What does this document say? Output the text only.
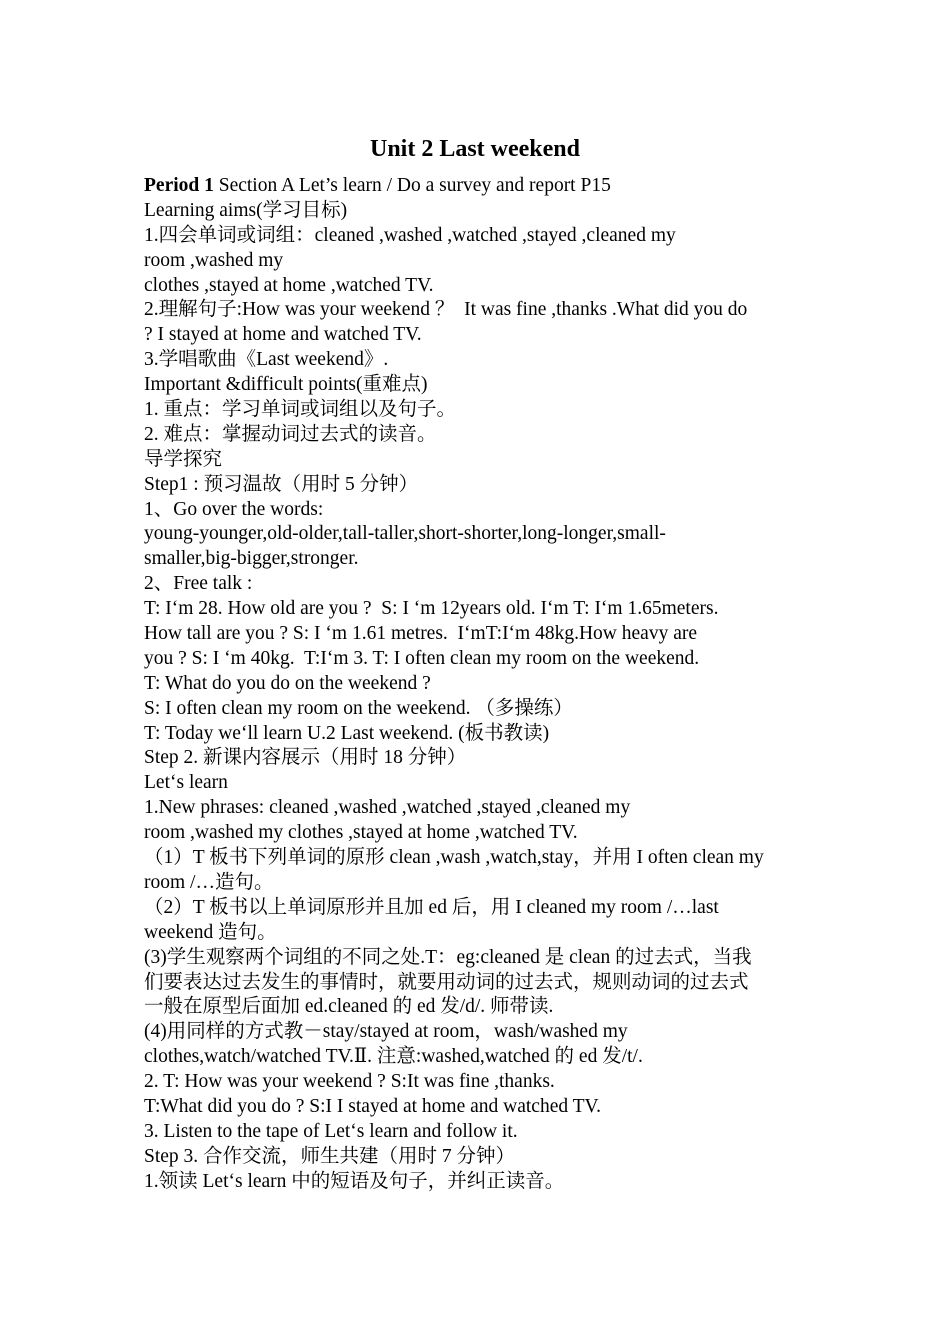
Unit 2 Last weekend
Period 1 Section A Let’s learn / Do a survey and report P15
Learning aims(学习目标)
1.四会单词或词组：cleaned ,washed ,watched ,stayed ,cleaned my
room ,washed my
clothes ,stayed at home ,watched TV.
2.理解句子:How was your weekend ？  It was fine ,thanks .What did you do
? I stayed at home and watched TV.
3.学唱歌曲《Last weekend》.
Important &difficult points(重难点)
1. 重点：学习单词或词组以及句子。
2. 难点：掌握动词过去式的读音。
导学探究
Step1 : 预习温故（用时 5 分钟）
1、Go over the words:
young-younger,old-older,tall-taller,short-shorter,long-longer,small-
smaller,big-bigger,stronger.
2、Free talk :
T: I‘m 28. How old are you ?  S: I ‘m 12years old. I‘m T: I‘m 1.65meters.
How tall are you ? S: I ‘m 1.61 metres.  I‘mT:I‘m 48kg.How heavy are
you ? S: I ‘m 40kg.  T:I‘m 3. T: I often clean my room on the weekend.
T: What do you do on the weekend ?
S: I often clean my room on the weekend. （多操练）
T: Today we‘ll learn U.2 Last weekend. (板书教读)
Step 2. 新课内容展示（用时 18 分钟）
Let‘s learn
1.New phrases: cleaned ,washed ,watched ,stayed ,cleaned my
room ,washed my clothes ,stayed at home ,watched TV.
（1）T 板书下列单词的原形 clean ,wash ,watch,stay，并用 I often clean my
room /…造句。
（2）T 板书以上单词原形并且加 ed 后，用 I cleaned my room /…last
weekend 造句。
(3)学生观察两个词组的不同之处.T：eg:cleaned 是 clean 的过去式，当我
们要表达过去发生的事情时，就要用动词的过去式，规则动词的过去式
一般在原型后面加 ed.cleaned 的 ed 发/d/. 师带读.
(4)用同样的方式教－stay/stayed at room，wash/washed my
clothes,watch/watched TV.Ⅱ. 注意:washed,watched 的 ed 发/t/.
2. T: How was your weekend ? S:It was fine ,thanks.
T:What did you do ? S:I I stayed at home and watched TV.
3. Listen to the tape of Let‘s learn and follow it.
Step 3. 合作交流，师生共建（用时 7 分钟）
1.领读 Let‘s learn 中的短语及句子，并纠正读音。
